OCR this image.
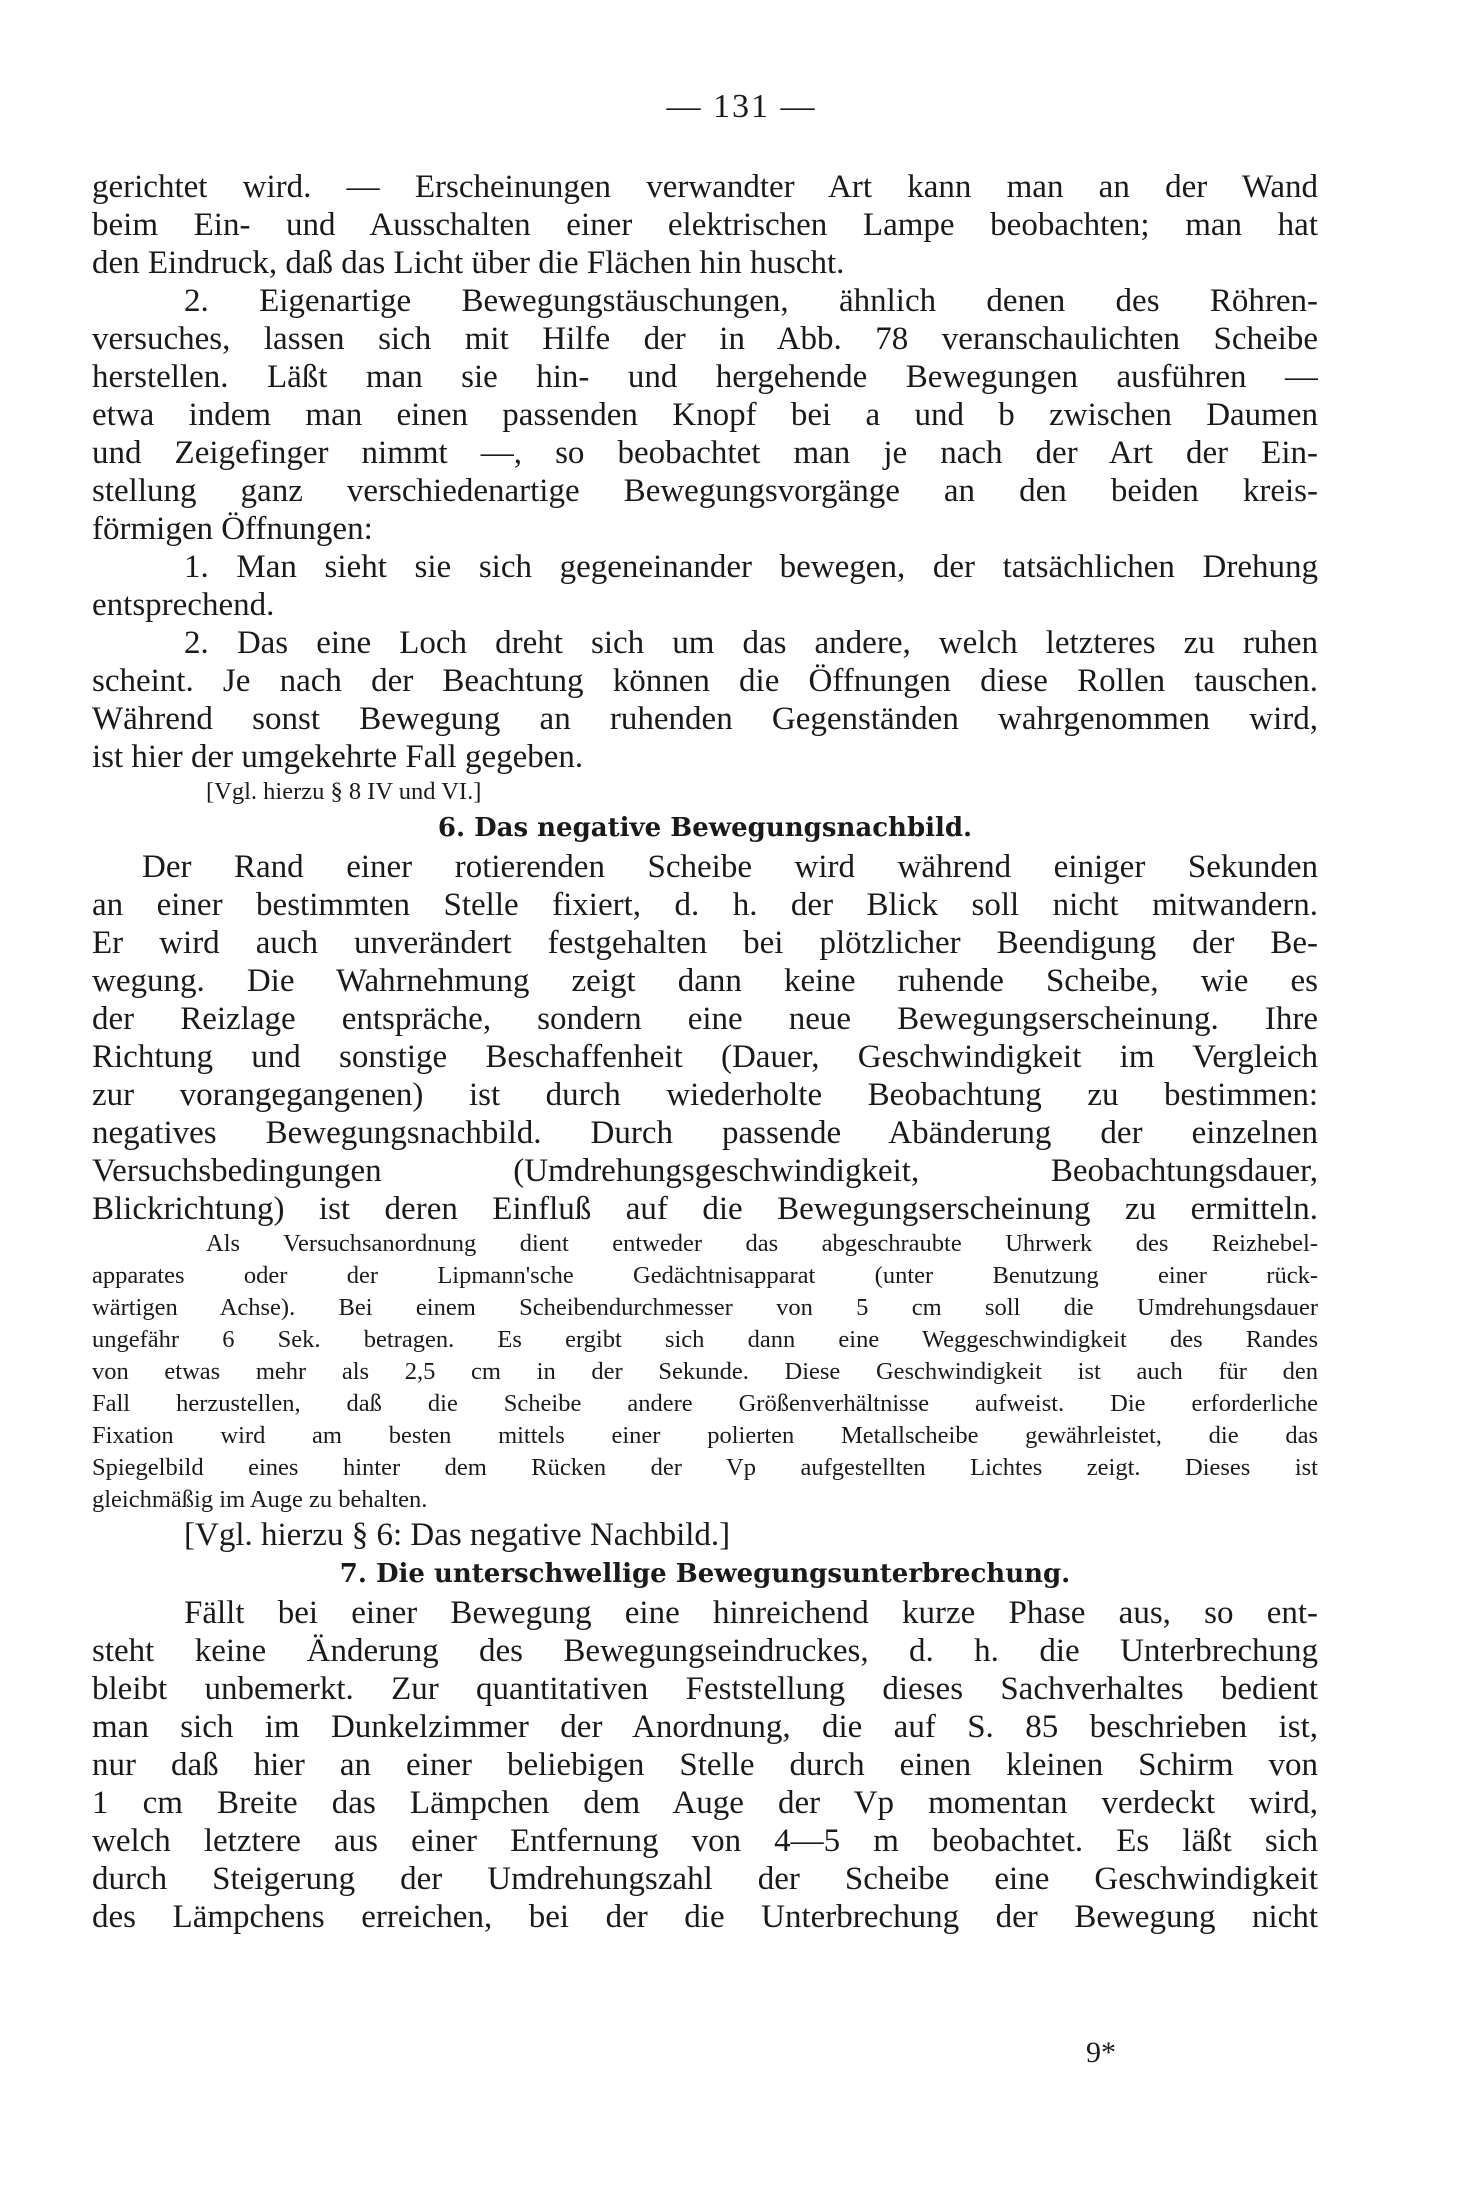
— 131 —
gerichtet wird. — Erscheinungen verwandter Art kann man an der Wand
beim Ein- und Ausschalten einer elektrischen Lampe beobachten; man hat
den Eindruck, daß das Licht über die Flächen hin huscht.
2. Eigenartige Bewegungstäuschungen, ähnlich denen des Röhren-
versuches, lassen sich mit Hilfe der in Abb. 78 veranschaulichten Scheibe
herstellen. Läßt man sie hin- und hergehende Bewegungen ausführen —
etwa indem man einen passenden Knopf bei a und b zwischen Daumen
und Zeigefinger nimmt —, so beobachtet man je nach der Art der Ein-
stellung ganz verschiedenartige Bewegungsvorgänge an den beiden kreis-
förmigen Öffnungen:
1. Man sieht sie sich gegeneinander bewegen, der tatsächlichen Drehung
entsprechend.
2. Das eine Loch dreht sich um das andere, welch letzteres zu ruhen
scheint. Je nach der Beachtung können die Öffnungen diese Rollen tauschen.
Während sonst Bewegung an ruhenden Gegenständen wahrgenommen wird,
ist hier der umgekehrte Fall gegeben.
[Vgl. hierzu § 8 IV und VI.]
6. Das negative Bewegungsnachbild.
Der Rand einer rotierenden Scheibe wird während einiger Sekunden
an einer bestimmten Stelle fixiert, d. h. der Blick soll nicht mitwandern.
Er wird auch unverändert festgehalten bei plötzlicher Beendigung der Be-
wegung. Die Wahrnehmung zeigt dann keine ruhende Scheibe, wie es
der Reizlage entspräche, sondern eine neue Bewegungserscheinung. Ihre
Richtung und sonstige Beschaffenheit (Dauer, Geschwindigkeit im Vergleich
zur vorangegangenen) ist durch wiederholte Beobachtung zu bestimmen:
negatives Bewegungsnachbild. Durch passende Abänderung der einzelnen
Versuchsbedingungen (Umdrehungsgeschwindigkeit, Beobachtungsdauer,
Blickrichtung) ist deren Einfluß auf die Bewegungserscheinung zu ermitteln.
Als Versuchsanordnung dient entweder das abgeschraubte Uhrwerk des Reizhebel-
apparates oder der Lipmann'sche Gedächtnisapparat (unter Benutzung einer rück-
wärtigen Achse). Bei einem Scheibendurchmesser von 5 cm soll die Umdrehungsdauer
ungefähr 6 Sek. betragen. Es ergibt sich dann eine Weggeschwindigkeit des Randes
von etwas mehr als 2,5 cm in der Sekunde. Diese Geschwindigkeit ist auch für den
Fall herzustellen, daß die Scheibe andere Größenverhältnisse aufweist. Die erforderliche
Fixation wird am besten mittels einer polierten Metallscheibe gewährleistet, die das
Spiegelbild eines hinter dem Rücken der Vp aufgestellten Lichtes zeigt. Dieses ist
gleichmäßig im Auge zu behalten.
[Vgl. hierzu § 6: Das negative Nachbild.]
7. Die unterschwellige Bewegungsunterbrechung.
Fällt bei einer Bewegung eine hinreichend kurze Phase aus, so ent-
steht keine Änderung des Bewegungseindruckes, d. h. die Unterbrechung
bleibt unbemerkt. Zur quantitativen Feststellung dieses Sachverhaltes bedient
man sich im Dunkelzimmer der Anordnung, die auf S. 85 beschrieben ist,
nur daß hier an einer beliebigen Stelle durch einen kleinen Schirm von
1 cm Breite das Lämpchen dem Auge der Vp momentan verdeckt wird,
welch letztere aus einer Entfernung von 4—5 m beobachtet. Es läßt sich
durch Steigerung der Umdrehungszahl der Scheibe eine Geschwindigkeit
des Lämpchens erreichen, bei der die Unterbrechung der Bewegung nicht
9*
